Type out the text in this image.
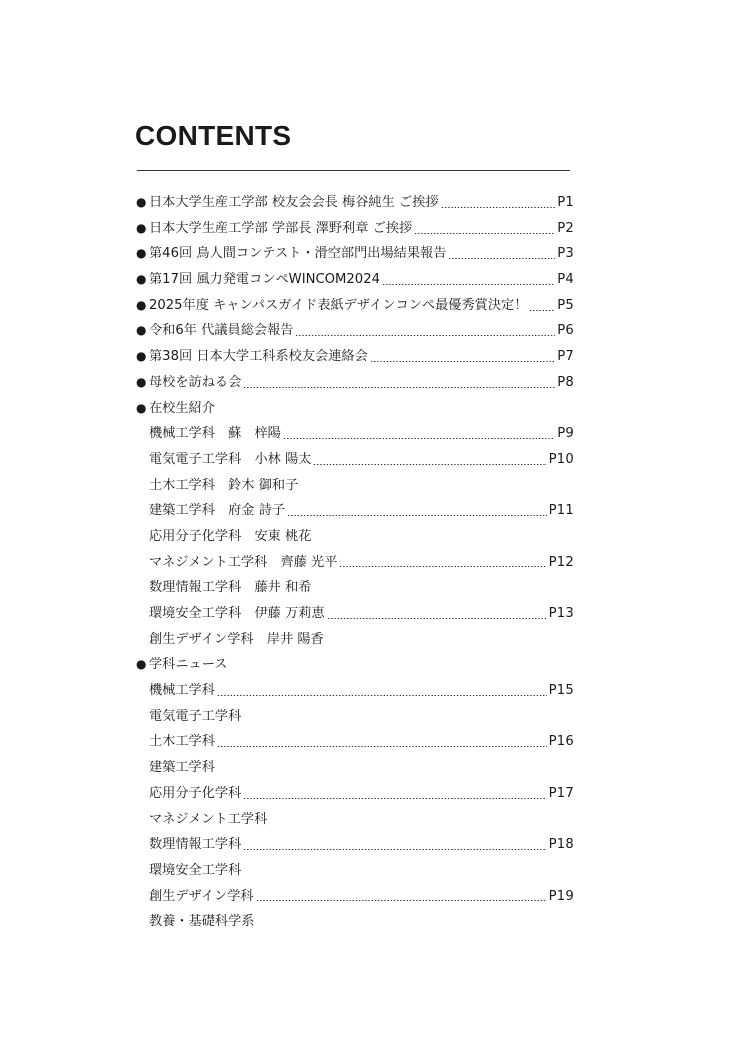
CONTENTS
● 日本大学生産工学部 校友会会長 梅谷純生 ご挨拶	P1
● 日本大学生産工学部 学部長 澤野利章 ご挨拶	P2
● 第46回 鳥人間コンテスト・滑空部門出場結果報告	P3
● 第17回 風力発電コンペWINCOM2024	P4
● 2025年度 キャンパスガイド表紙デザインコンペ最優秀賞決定！ P5
● 令和6年 代議員総会報告	P6
● 第38回 日本大学工科系校友会連絡会	P7
● 母校を訪ねる会	P8
● 在校生紹介
機械工学科　蘇　梓陽	P9
電気電子工学科　小林 陽太	P10
土木工学科　鈴木 御和子
建築工学科　府金 詩子	P11
応用分子化学科　安東 桃花
マネジメント工学科　齊藤 光平	P12
数理情報工学科　藤井 和希
環境安全工学科　伊藤 万莉恵	P13
創生デザイン学科　岸井 陽香
● 学科ニュース
機械工学科	P15
電気電子工学科
土木工学科	P16
建築工学科
応用分子化学科	P17
マネジメント工学科
数理情報工学科	P18
環境安全工学科
創生デザイン学科	P19
教養・基礎科学系
